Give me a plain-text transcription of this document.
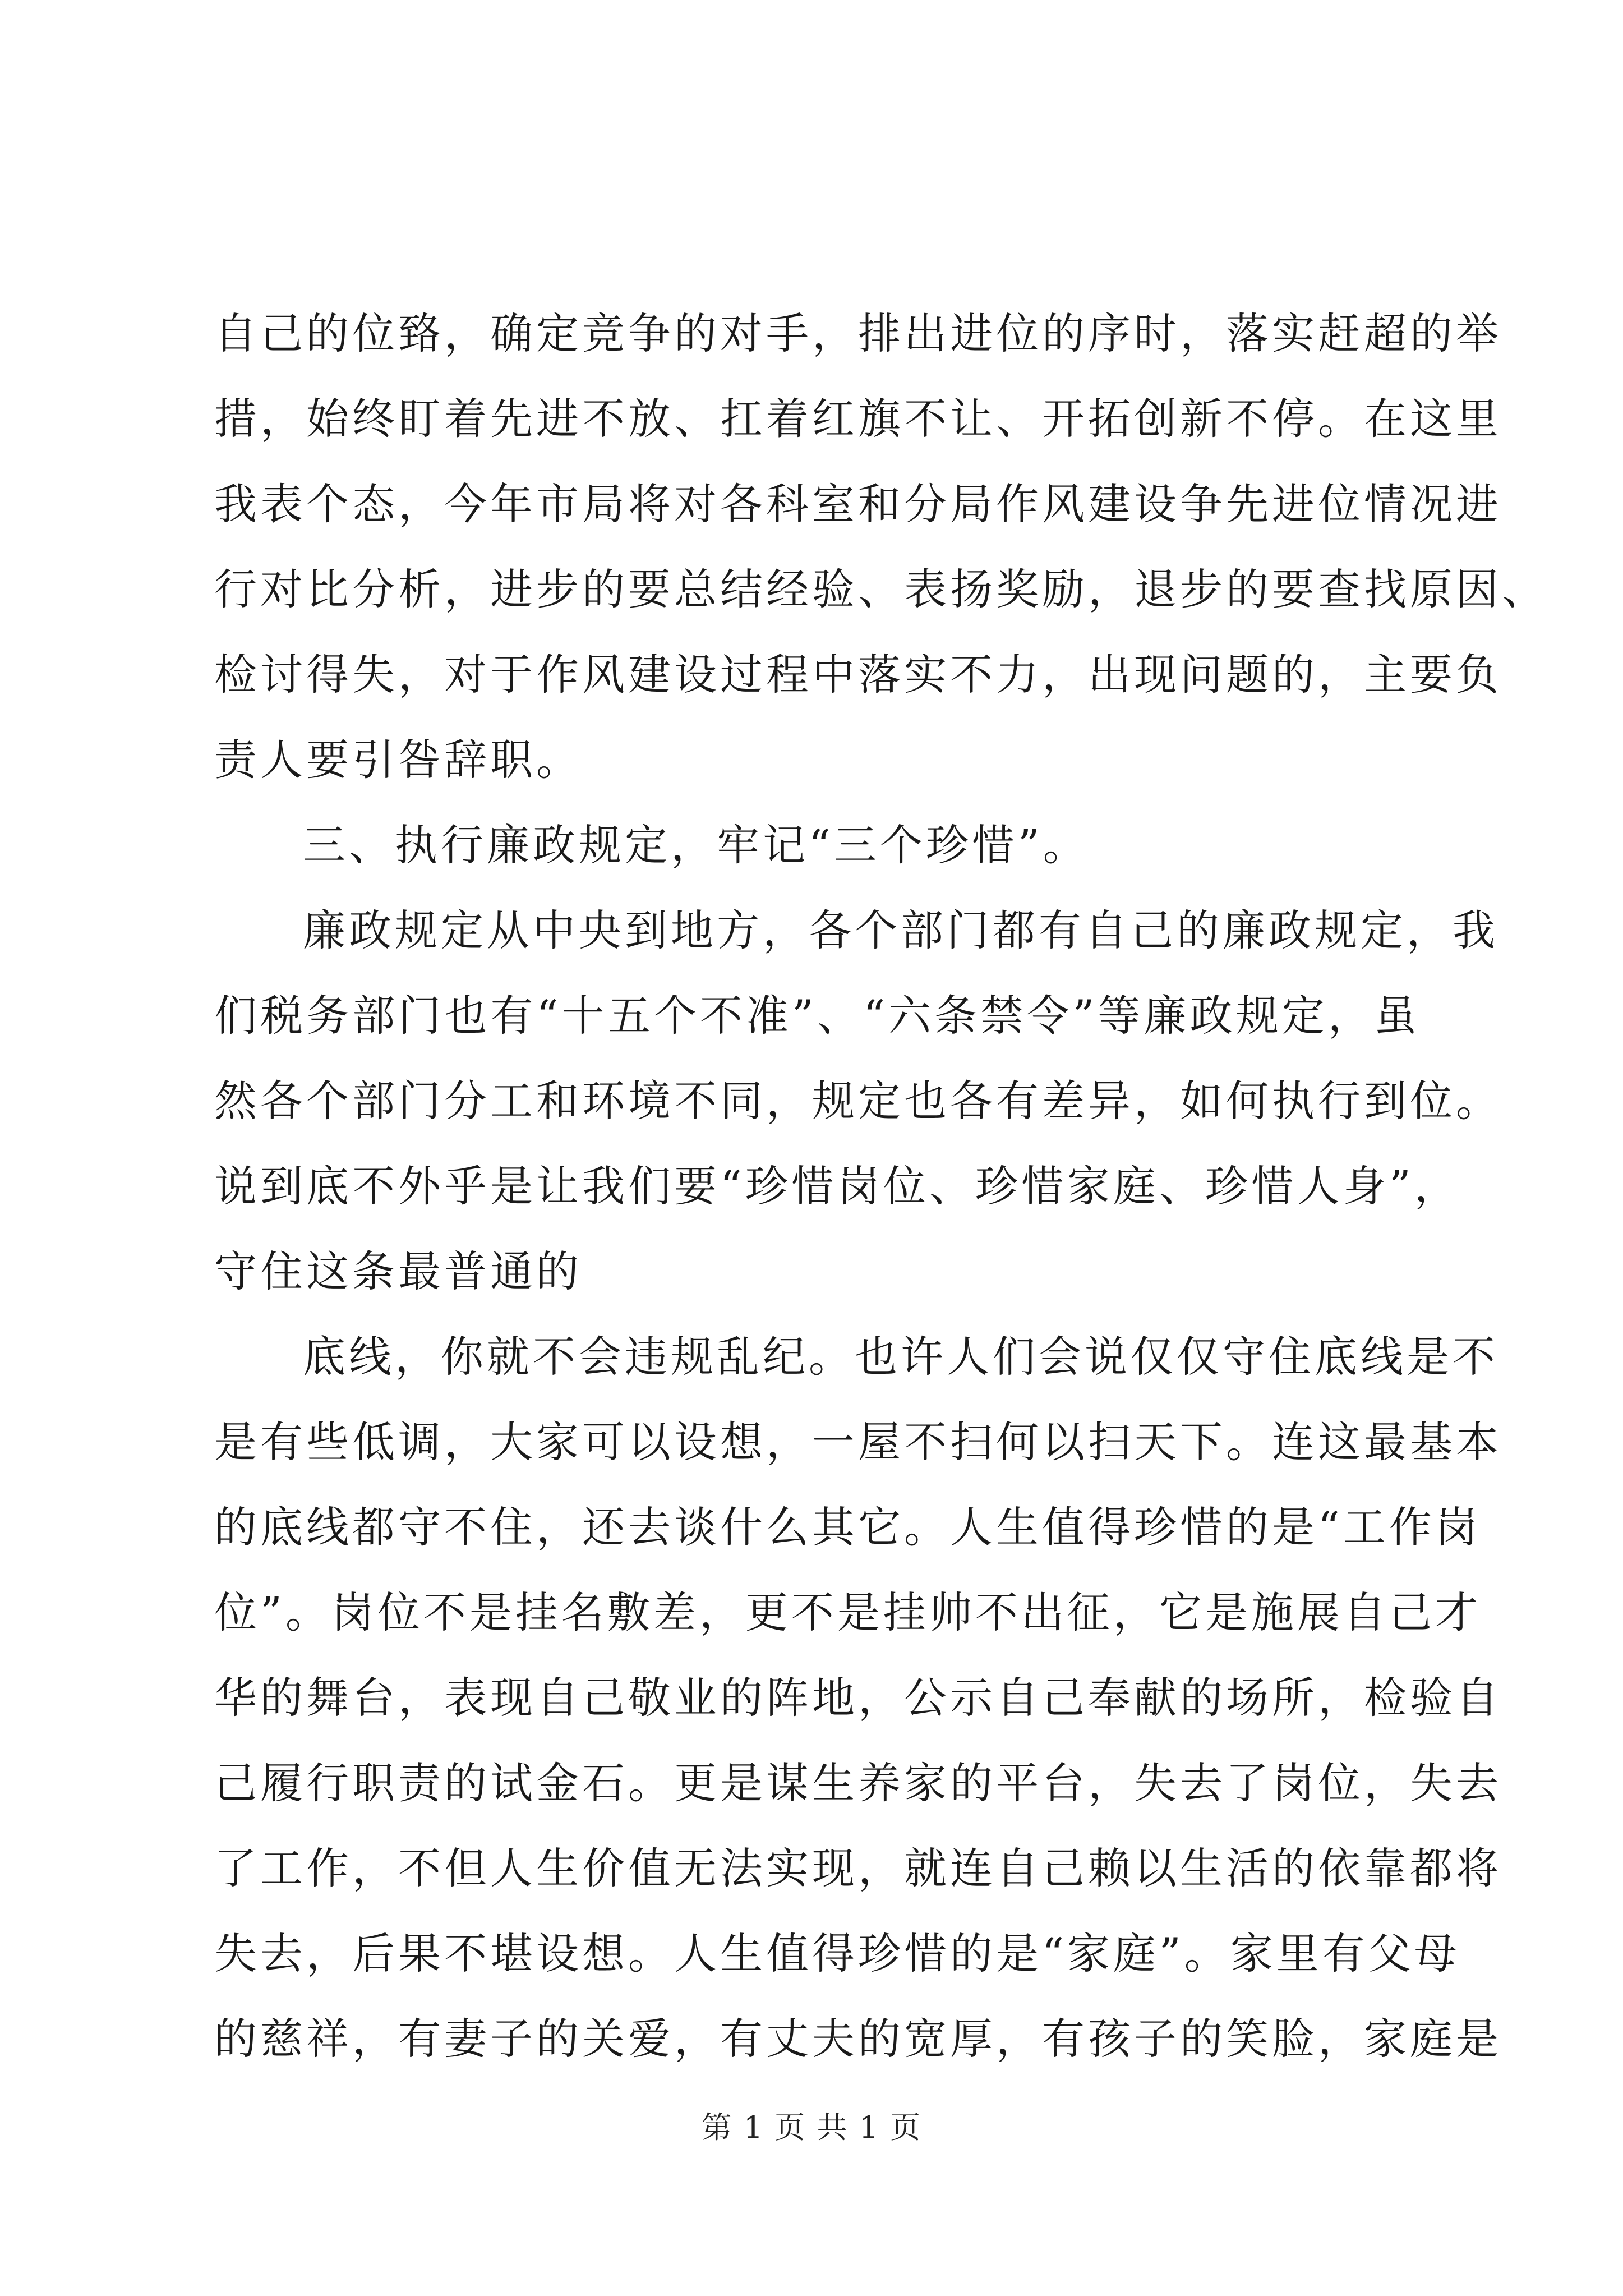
自己的位臵，确定竞争的对手，排出进位的序时，落实赶超的举
措，始终盯着先进不放、扛着红旗不让、开拓创新不停。在这里
我表个态，今年市局将对各科室和分局作风建设争先进位情况进
行对比分析，进步的要总结经验、表扬奖励，退步的要查找原因、
检讨得失，对于作风建设过程中落实不力，出现问题的，主要负
责人要引咎辞职。
三、执行廉政规定，牢记“三个珍惜”。
廉政规定从中央到地方，各个部门都有自己的廉政规定，我
们税务部门也有“十五个不准”、“六条禁令”等廉政规定，虽
然各个部门分工和环境不同，规定也各有差异，如何执行到位。
说到底不外乎是让我们要“珍惜岗位、珍惜家庭、珍惜人身”，
守住这条最普通的
底线，你就不会违规乱纪。也许人们会说仅仅守住底线是不
是有些低调，大家可以设想，一屋不扫何以扫天下。连这最基本
的底线都守不住，还去谈什么其它。人生值得珍惜的是“工作岗
位”。岗位不是挂名敷差，更不是挂帅不出征，它是施展自己才
华的舞台，表现自己敬业的阵地，公示自己奉献的场所，检验自
己履行职责的试金石。更是谋生养家的平台，失去了岗位，失去
了工作，不但人生价值无法实现，就连自己赖以生活的依靠都将
失去，后果不堪设想。人生值得珍惜的是“家庭”。家里有父母
的慈祥，有妻子的关爱，有丈夫的宽厚，有孩子的笑脸，家庭是
第 1 页 共 1 页
